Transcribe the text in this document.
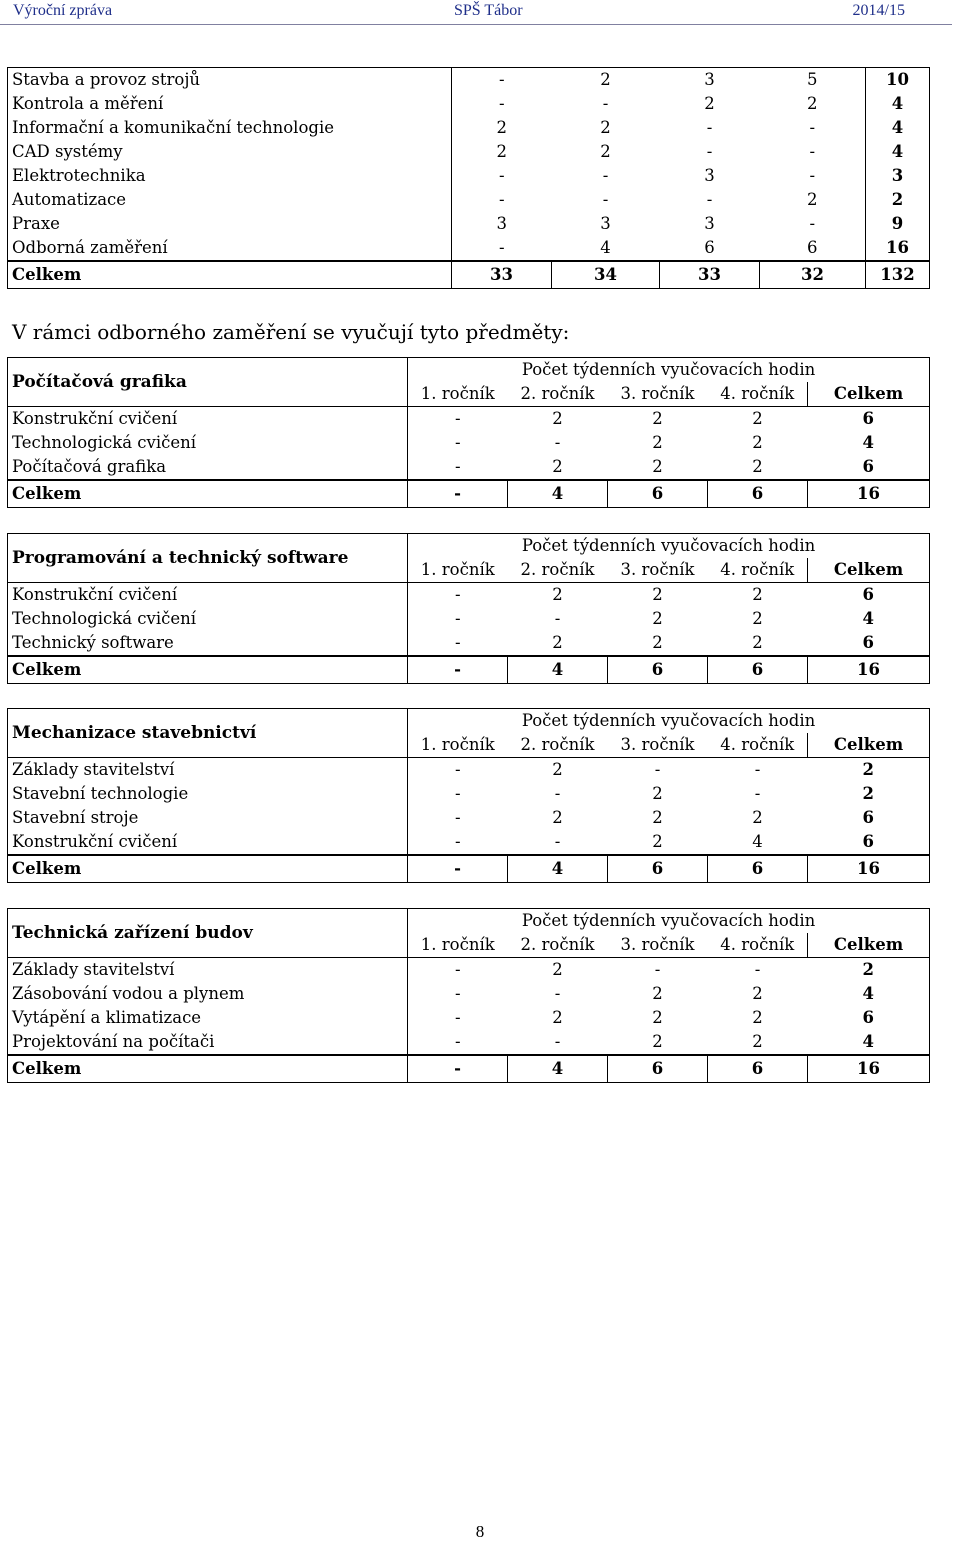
Výroční zpráva	SPŠ Tábor	2014/15
Stavba a provoz strojů	-	2	3	5	10
Kontrola a měření	-	-	2	2	4
Informační a komunikační technologie	2	2	-	-	4
CAD systémy	2	2	-	-	4
Elektrotechnika	-	-	3	-	3
Automatizace	-	-	-	2	2
Praxe	3	3	3	-	9
Odborná zaměření	-	4	6	6	16
Celkem	33	34	33	32	132
V rámci odborného zaměření se vyučují tyto předměty:
Počítačová grafika	Počet týdenních vyučovacích hodin				
	1. ročník	2. ročník	3. ročník	4. ročník	Celkem
Konstrukční cvičení	-	2	2	2	6
Technologická cvičení	-	-	2	2	4
Počítačová grafika	-	2	2	2	6
Celkem	-	4	6	6	16
Programování a technický software	Počet týdenních vyučovacích hodin				
	1. ročník	2. ročník	3. ročník	4. ročník	Celkem
Konstrukční cvičení	-	2	2	2	6
Technologická cvičení	-	-	2	2	4
Technický software	-	2	2	2	6
Celkem	-	4	6	6	16
Mechanizace stavebnictví	Počet týdenních vyučovacích hodin				
	1. ročník	2. ročník	3. ročník	4. ročník	Celkem
Základy stavitelství	-	2	-	-	2
Stavební technologie	-	-	2	-	2
Stavební stroje	-	2	2	2	6
Konstrukční cvičení	-	-	2	4	6
Celkem	-	4	6	6	16
Technická zařízení budov	Počet týdenních vyučovacích hodin				
	1. ročník	2. ročník	3. ročník	4. ročník	Celkem
Základy stavitelství	-	2	-	-	2
Zásobování vodou a plynem	-	-	2	2	4
Vytápění a klimatizace	-	2	2	2	6
Projektování na počítači	-	-	2	2	4
Celkem	-	4	6	6	16
8
